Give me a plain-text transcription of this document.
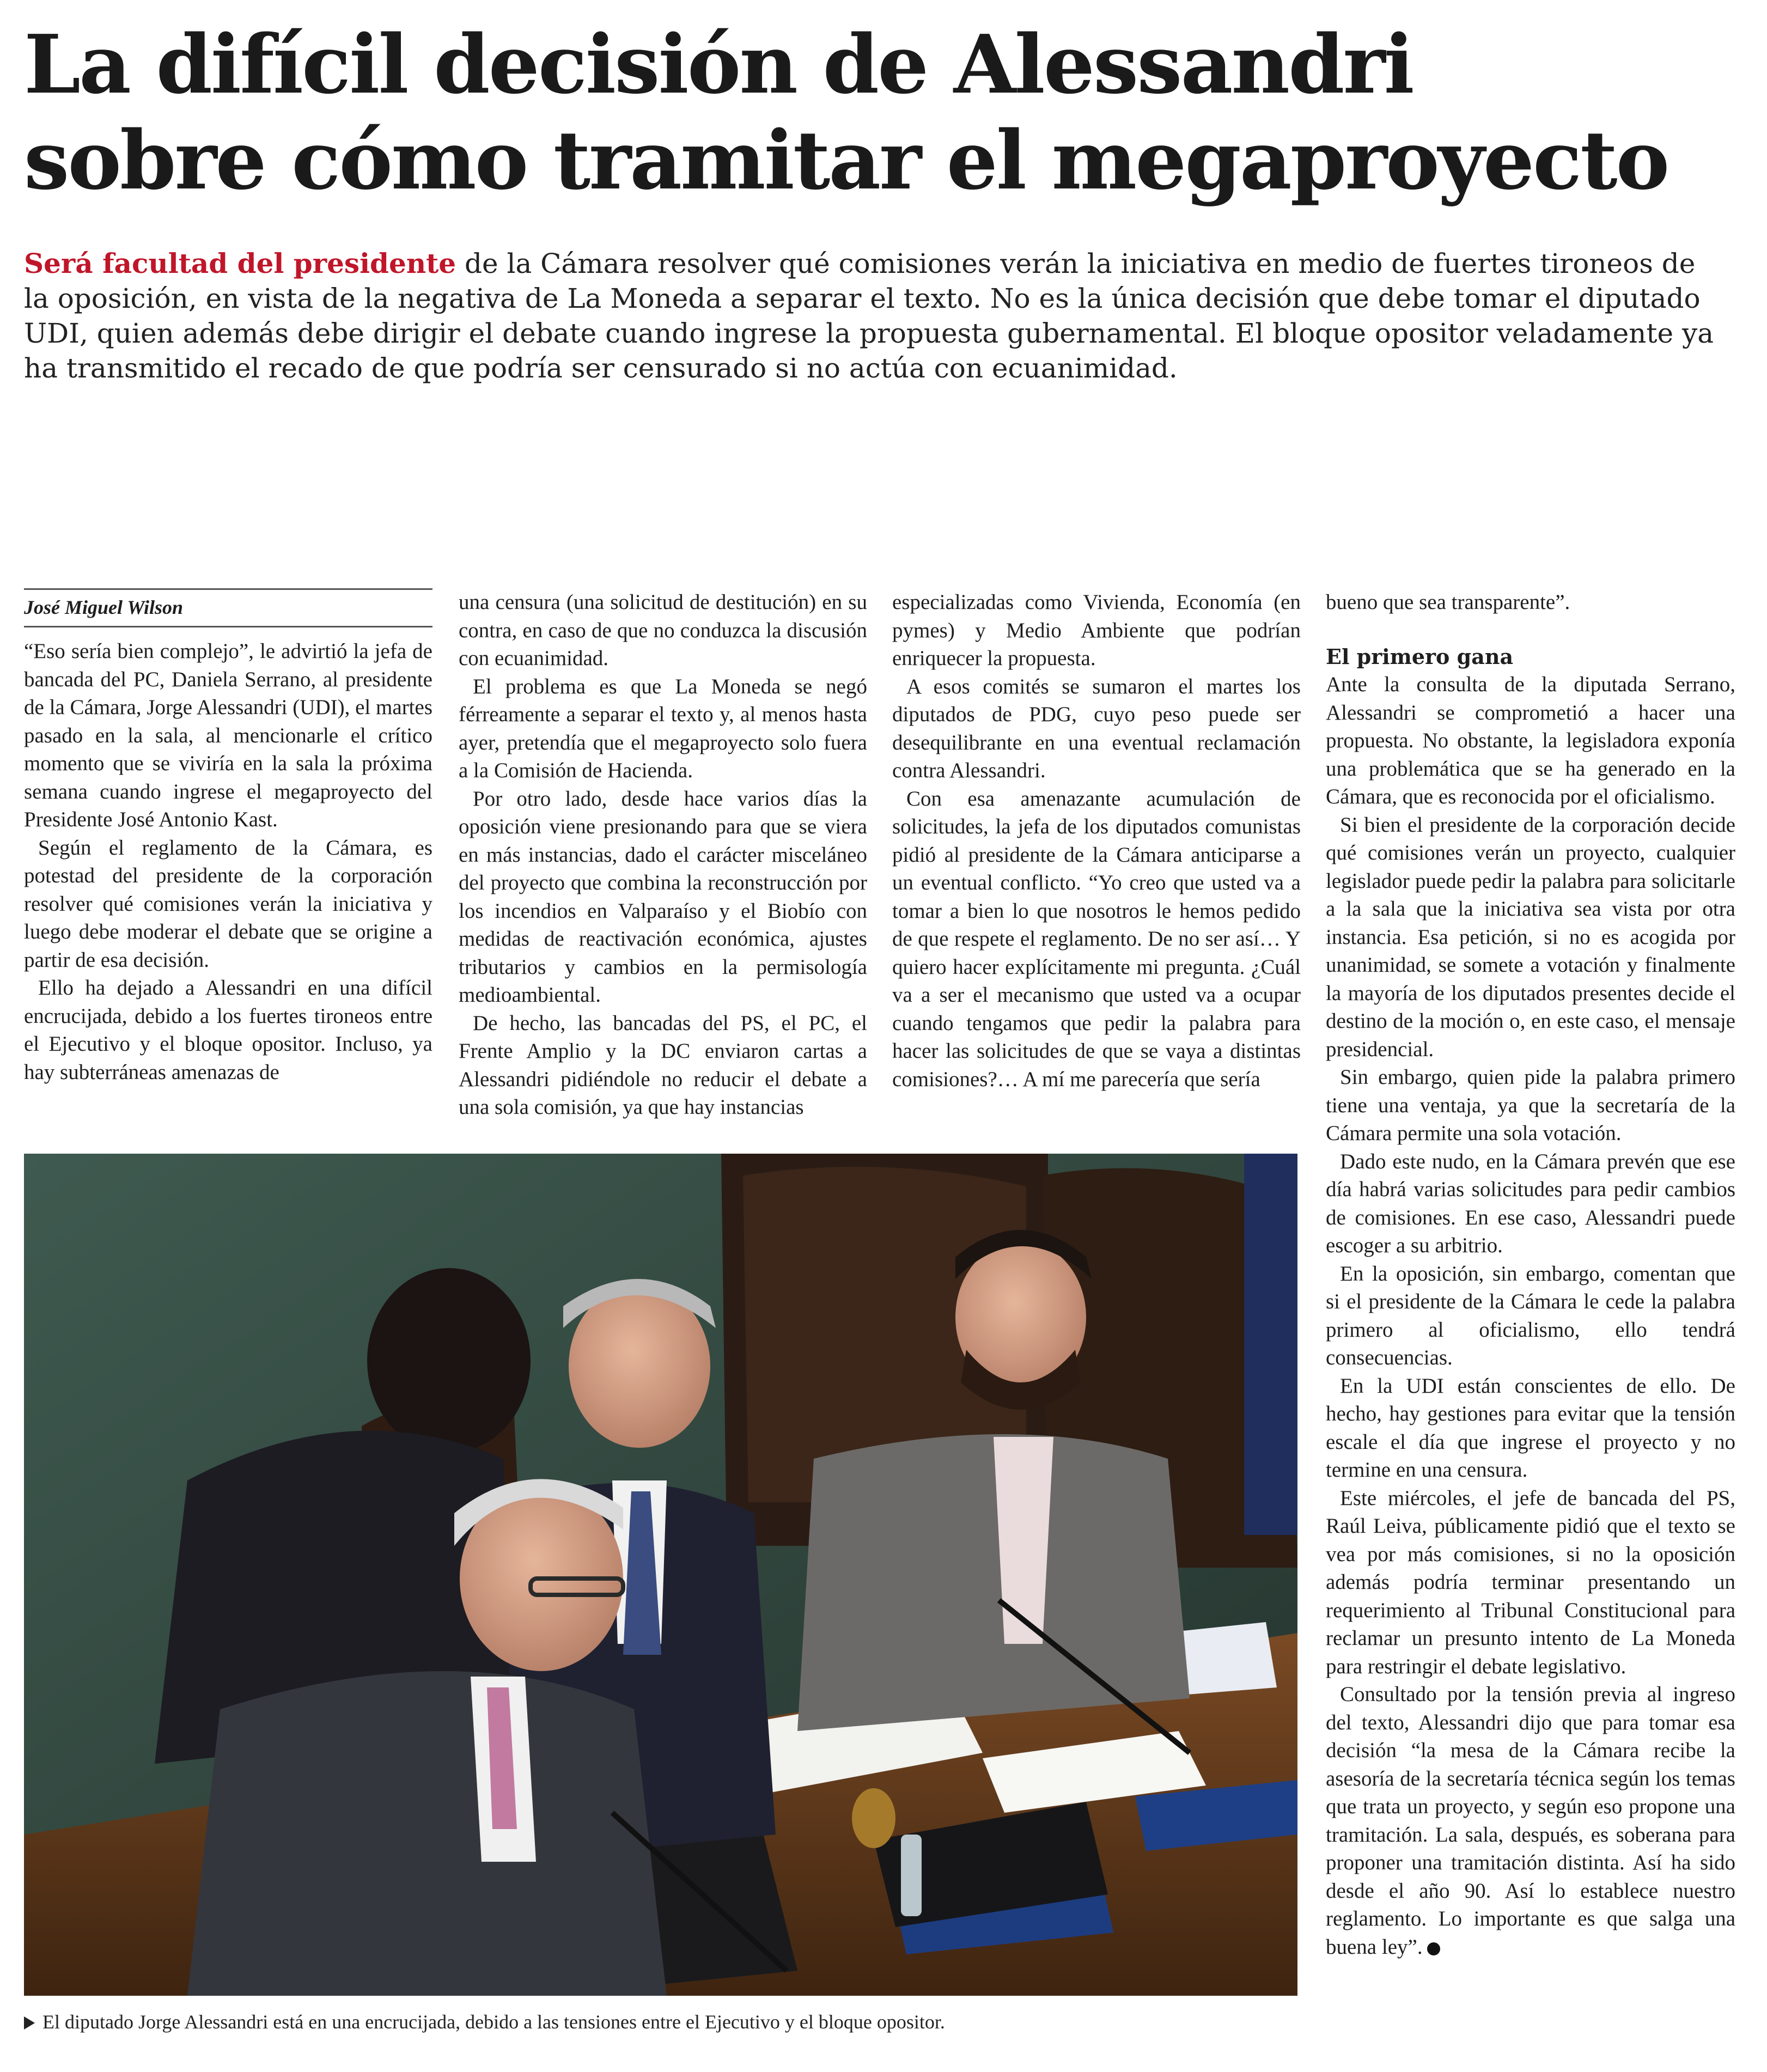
La difícil decisión de Alessandri
sobre cómo tramitar el megaproyecto
Será facultad del presidente de la Cámara resolver qué comisiones verán la iniciativa en medio de fuertes tironeos de la oposición, en vista de la negativa de La Moneda a separar el texto. No es la única decisión que debe tomar el diputado UDI, quien además debe dirigir el debate cuando ingrese la propuesta gubernamental. El bloque opositor veladamente ya ha transmitido el recado de que podría ser censurado si no actúa con ecuanimidad.
José Miguel Wilson

“Eso sería bien complejo”, le advirtió la jefa de bancada del PC, Daniela Serrano, al presidente de la Cámara, Jorge Alessandri (UDI), el martes pasado en la sala, al mencionarle el crítico momento que se viviría en la sala la próxima semana cuando ingrese el megaproyecto del Presidente José Antonio Kast.

Según el reglamento de la Cámara, es potestad del presidente de la corporación resolver qué comisiones verán la iniciativa y luego debe moderar el debate que se origine a partir de esa decisión.

Ello ha dejado a Alessandri en una difícil encrucijada, debido a los fuertes tironeos entre el Ejecutivo y el bloque opositor. Incluso, ya hay subterráneas amenazas de

una censura (una solicitud de destitución) en su contra, en caso de que no conduzca la discusión con ecuanimidad.

El problema es que La Moneda se negó férreamente a separar el texto y, al menos hasta ayer, pretendía que el megaproyecto solo fuera a la Comisión de Hacienda.

Por otro lado, desde hace varios días la oposición viene presionando para que se viera en más instancias, dado el carácter misceláneo del proyecto que combina la reconstrucción por los incendios en Valparaíso y el Biobío con medidas de reactivación económica, ajustes tributarios y cambios en la permisología medioambiental.

De hecho, las bancadas del PS, el PC, el Frente Amplio y la DC enviaron cartas a Alessandri pidiéndole no reducir el debate a una sola comisión, ya que hay instancias

especializadas como Vivienda, Economía (en pymes) y Medio Ambiente que podrían enriquecer la propuesta.

A esos comités se sumaron el martes los diputados de PDG, cuyo peso puede ser desequilibrante en una eventual reclamación contra Alessandri.

Con esa amenazante acumulación de solicitudes, la jefa de los diputados comunistas pidió al presidente de la Cámara anticiparse a un eventual conflicto. “Yo creo que usted va a tomar a bien lo que nosotros le hemos pedido de que respete el reglamento. De no ser así… Y quiero hacer explícitamente mi pregunta. ¿Cuál va a ser el mecanismo que usted va a ocupar cuando tengamos que pedir la palabra para hacer las solicitudes de que se vaya a distintas comisiones?… A mí me parecería que sería

bueno que sea transparente”.

El primero gana

Ante la consulta de la diputada Serrano, Alessandri se comprometió a hacer una propuesta. No obstante, la legisladora exponía una problemática que se ha generado en la Cámara, que es reconocida por el oficialismo.

Si bien el presidente de la corporación decide qué comisiones verán un proyecto, cualquier legislador puede pedir la palabra para solicitarle a la sala que la iniciativa sea vista por otra instancia. Esa petición, si no es acogida por unanimidad, se somete a votación y finalmente la mayoría de los diputados presentes decide el destino de la moción o, en este caso, el mensaje presidencial.

Sin embargo, quien pide la palabra primero tiene una ventaja, ya que la secretaría de la Cámara permite una sola votación.

Dado este nudo, en la Cámara prevén que ese día habrá varias solicitudes para pedir cambios de comisiones. En ese caso, Alessandri puede escoger a su arbitrio.

En la oposición, sin embargo, comentan que si el presidente de la Cámara le cede la palabra primero al oficialismo, ello tendrá consecuencias.

En la UDI están conscientes de ello. De hecho, hay gestiones para evitar que la tensión escale el día que ingrese el proyecto y no termine en una censura.

Este miércoles, el jefe de bancada del PS, Raúl Leiva, públicamente pidió que el texto se vea por más comisiones, si no la oposición además podría terminar presentando un requerimiento al Tribunal Constitucional para reclamar un presunto intento de La Moneda para restringir el debate legislativo.

Consultado por la tensión previa al ingreso del texto, Alessandri dijo que para tomar esa decisión “la mesa de la Cámara recibe la asesoría de la secretaría técnica según los temas que trata un proyecto, y según eso propone una tramitación. La sala, después, es soberana para proponer una tramitación distinta. Así ha sido desde el año 90. Así lo establece nuestro reglamento. Lo importante es que salga una buena ley”.

El diputado Jorge Alessandri está en una encrucijada, debido a las tensiones entre el Ejecutivo y el bloque opositor.
